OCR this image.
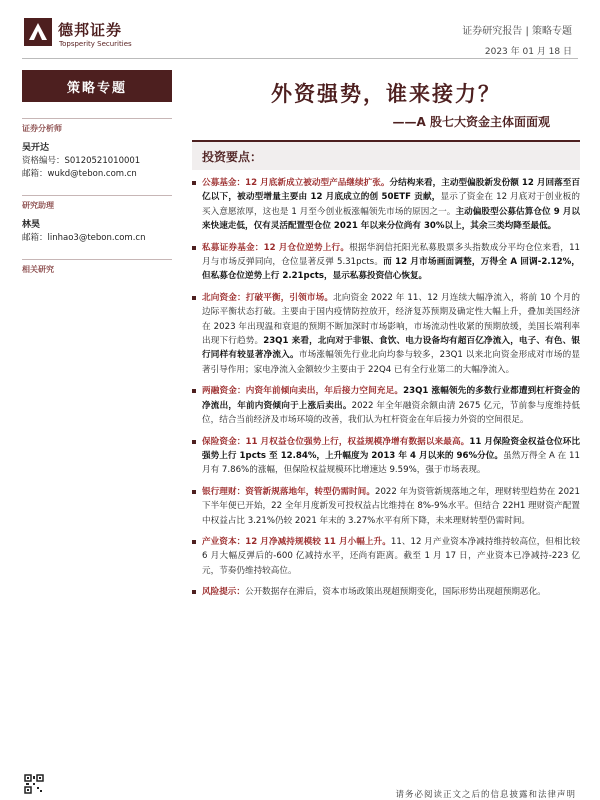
德邦证券
Topsperity Securities
证券研究报告 | 策略专题
2023 年 01 月 18 日
策略专题
证券分析师
吴开达
资格编号：S0120521010001
邮箱：wukd@tebon.com.cn
研究助理
林昊
邮箱：linhao3@tebon.com.cn
相关研究
外资强势，谁来接力？
——A 股七大资金主体面面观
投资要点：
公募基金：12 月底新成立被动型产品继续扩张。分结构来看，主动型偏股新发份额 12 月回落至百亿以下，被动型增量主要由 12 月底成立的创 50ETF 贡献，显示了资金在 12 月底对于创业板的买入意愿浓厚，这也是 1 月至今创业板涨幅领先市场的原因之一。主动偏股型公募估算仓位 9 月以来快速走低，仅有灵活配置型仓位 2021 年以来分位尚有 30%以上，其余三类均降至最低。
私募证券基金：12 月仓位逆势上行。根据华润信托阳光私募股票多头指数成分平均仓位来看，11 月与市场反弹同向，仓位显著反弹 5.31pcts。而 12 月市场画面调整，万得全 A 回调-2.12%，但私募仓位逆势上行 2.21pcts，显示私募投资信心恢复。
北向资金：打破平衡，引领市场。北向资金 2022 年 11、12 月连续大幅净流入，将前 10 个月的边际平衡状态打破。主要由于国内疫情防控放开，经济复苏预期及确定性大幅上升，叠加美国经济在 2023 年出现温和衰退的预期不断加深时市场影响，市场流动性收紧的预期放缓，美国长端利率出现下行趋势。23Q1 来看，北向对于非银、食饮、电力设备均有超百亿净流入，电子、有色、银行同样有较显著净流入。市场涨幅领先行业北向均参与较多，23Q1 以来北向资金形成对市场的显著引导作用；家电净流入金额较少主要由于 22Q4 已有全行业第二的大幅净流入。
两融资金：内资年前倾向卖出，年后接力空间充足。23Q1 涨幅领先的多数行业都遭到杠杆资金的净流出，年前内资倾向于上涨后卖出。2022 年全年融资余额由清 2675 亿元，节前参与度维持低位，结合当前经济及市场环境的改善，我们认为杠杆资金在年后接力外资的空间很足。
保险资金：11 月权益仓位强势上行，权益规模净增有数据以来最高。11 月保险资金权益仓位环比强势上行 1pcts 至 12.84%，上升幅度为 2013 年 4 月以来的 96%分位。虽然万得全 A 在 11 月有 7.86%的涨幅，但保险权益规模环比增速达 9.59%，强于市场表现。
银行理财：资管新规落地年，转型仍需时间。2022 年为资管新规落地之年，理财转型趋势在 2021 下半年便已开始，22 全年月度新发可投权益占比维持在 8%-9%水平。但结合 22H1 理财资产配置中权益占比 3.21%仍较 2021 年末的 3.27%水平有所下降，未来理财转型仍需时间。
产业资本：12 月净减持规模较 11 月小幅上升。11、12 月产业资本净减持维持较高位，但相比较 6 月大幅反弹后的-600 亿减持水平，还尚有距离。截至 1 月 17 日，产业资本已净减持-223 亿元，节奏仍维持较高位。
风险提示：公开数据存在滞后，资本市场政策出现超预期变化，国际形势出现超预期恶化。
请务必阅读正文之后的信息披露和法律声明
